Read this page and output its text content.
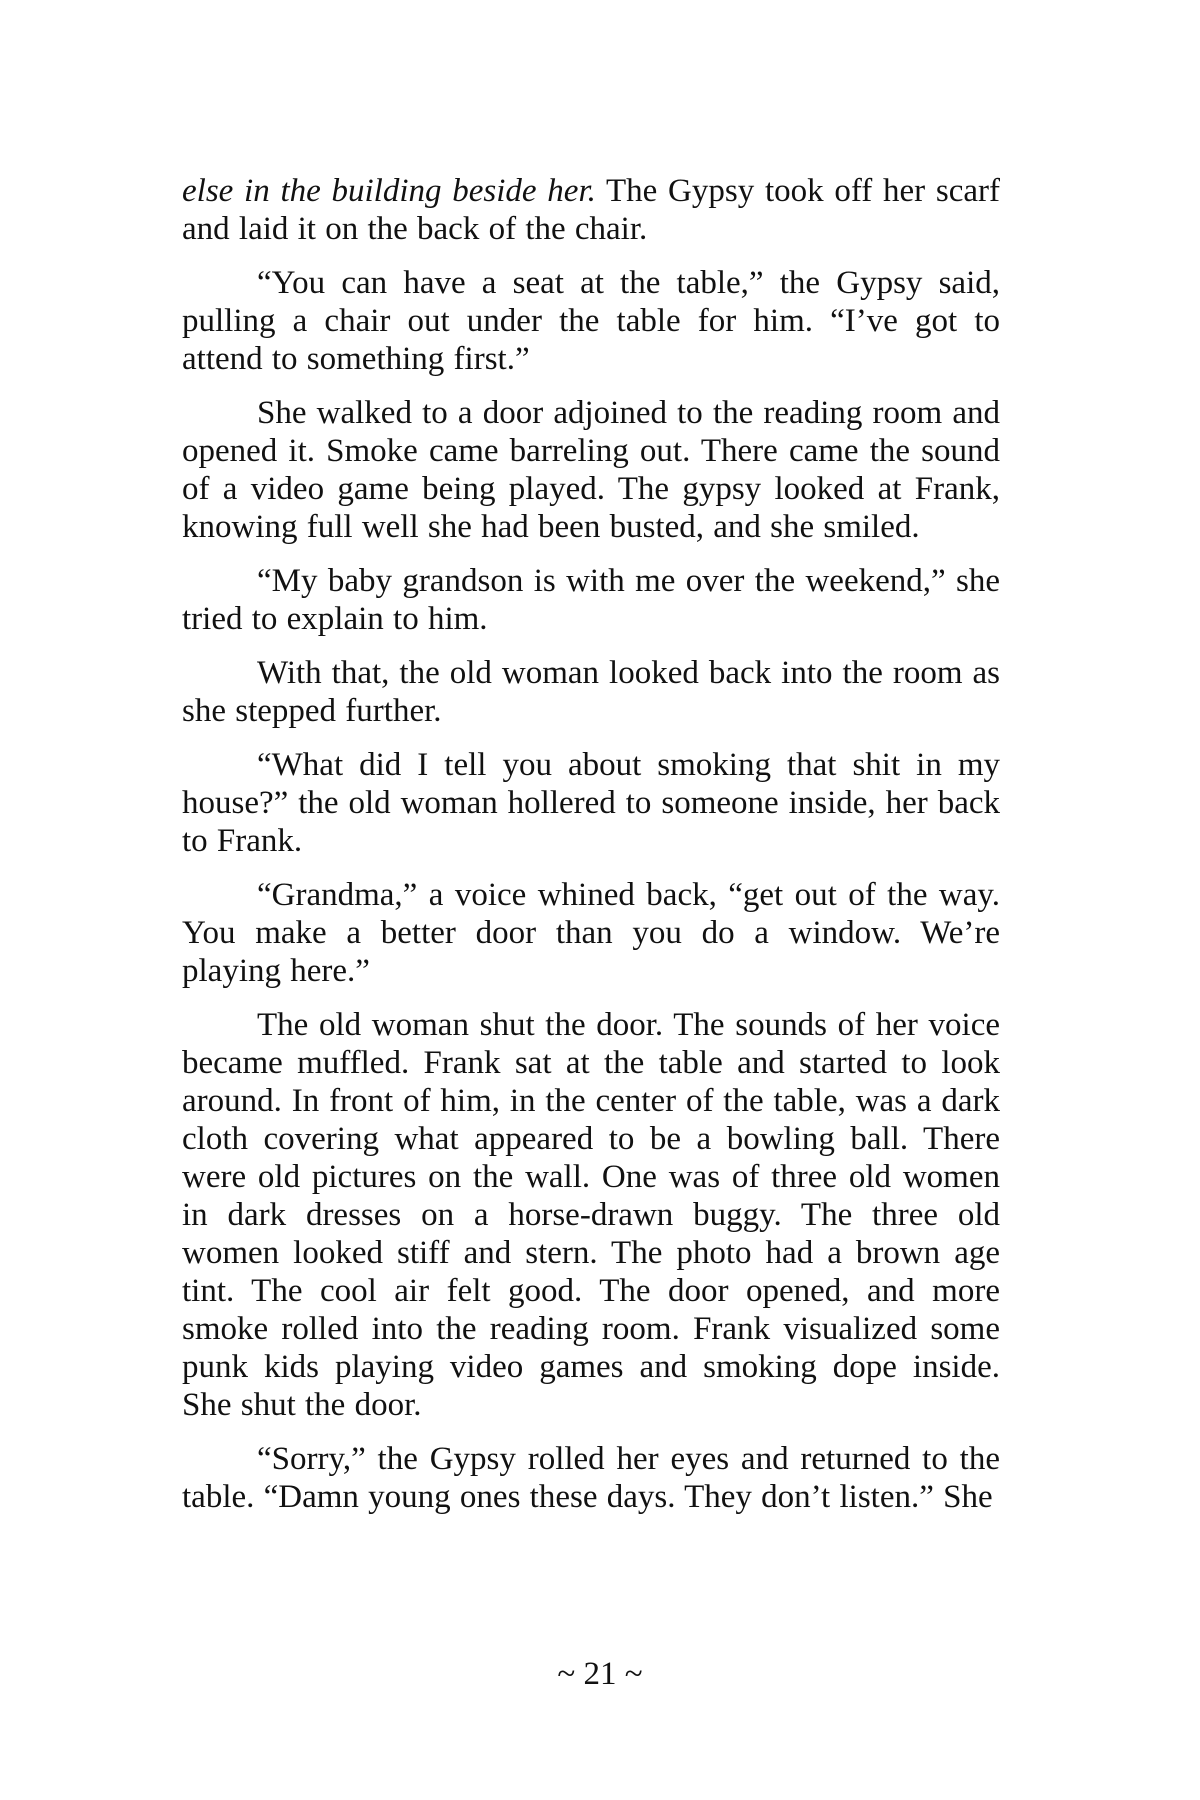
else in the building beside her. The Gypsy took off her scarf and laid it on the back of the chair.

“You can have a seat at the table,” the Gypsy said, pulling a chair out under the table for him. “I’ve got to attend to something first.”

She walked to a door adjoined to the reading room and opened it. Smoke came barreling out. There came the sound of a video game being played. The gypsy looked at Frank, knowing full well she had been busted, and she smiled.

“My baby grandson is with me over the weekend,” she tried to explain to him.

With that, the old woman looked back into the room as she stepped further.

“What did I tell you about smoking that shit in my house?” the old woman hollered to someone inside, her back to Frank.

“Grandma,” a voice whined back, “get out of the way. You make a better door than you do a window. We’re playing here.”

The old woman shut the door. The sounds of her voice became muffled. Frank sat at the table and started to look around. In front of him, in the center of the table, was a dark cloth covering what appeared to be a bowling ball. There were old pictures on the wall. One was of three old women in dark dresses on a horse-drawn buggy. The three old women looked stiff and stern. The photo had a brown age tint. The cool air felt good. The door opened, and more smoke rolled into the reading room. Frank visualized some punk kids playing video games and smoking dope inside. She shut the door.

“Sorry,” the Gypsy rolled her eyes and returned to the table. “Damn young ones these days. They don’t listen.” She

~ 21 ~
